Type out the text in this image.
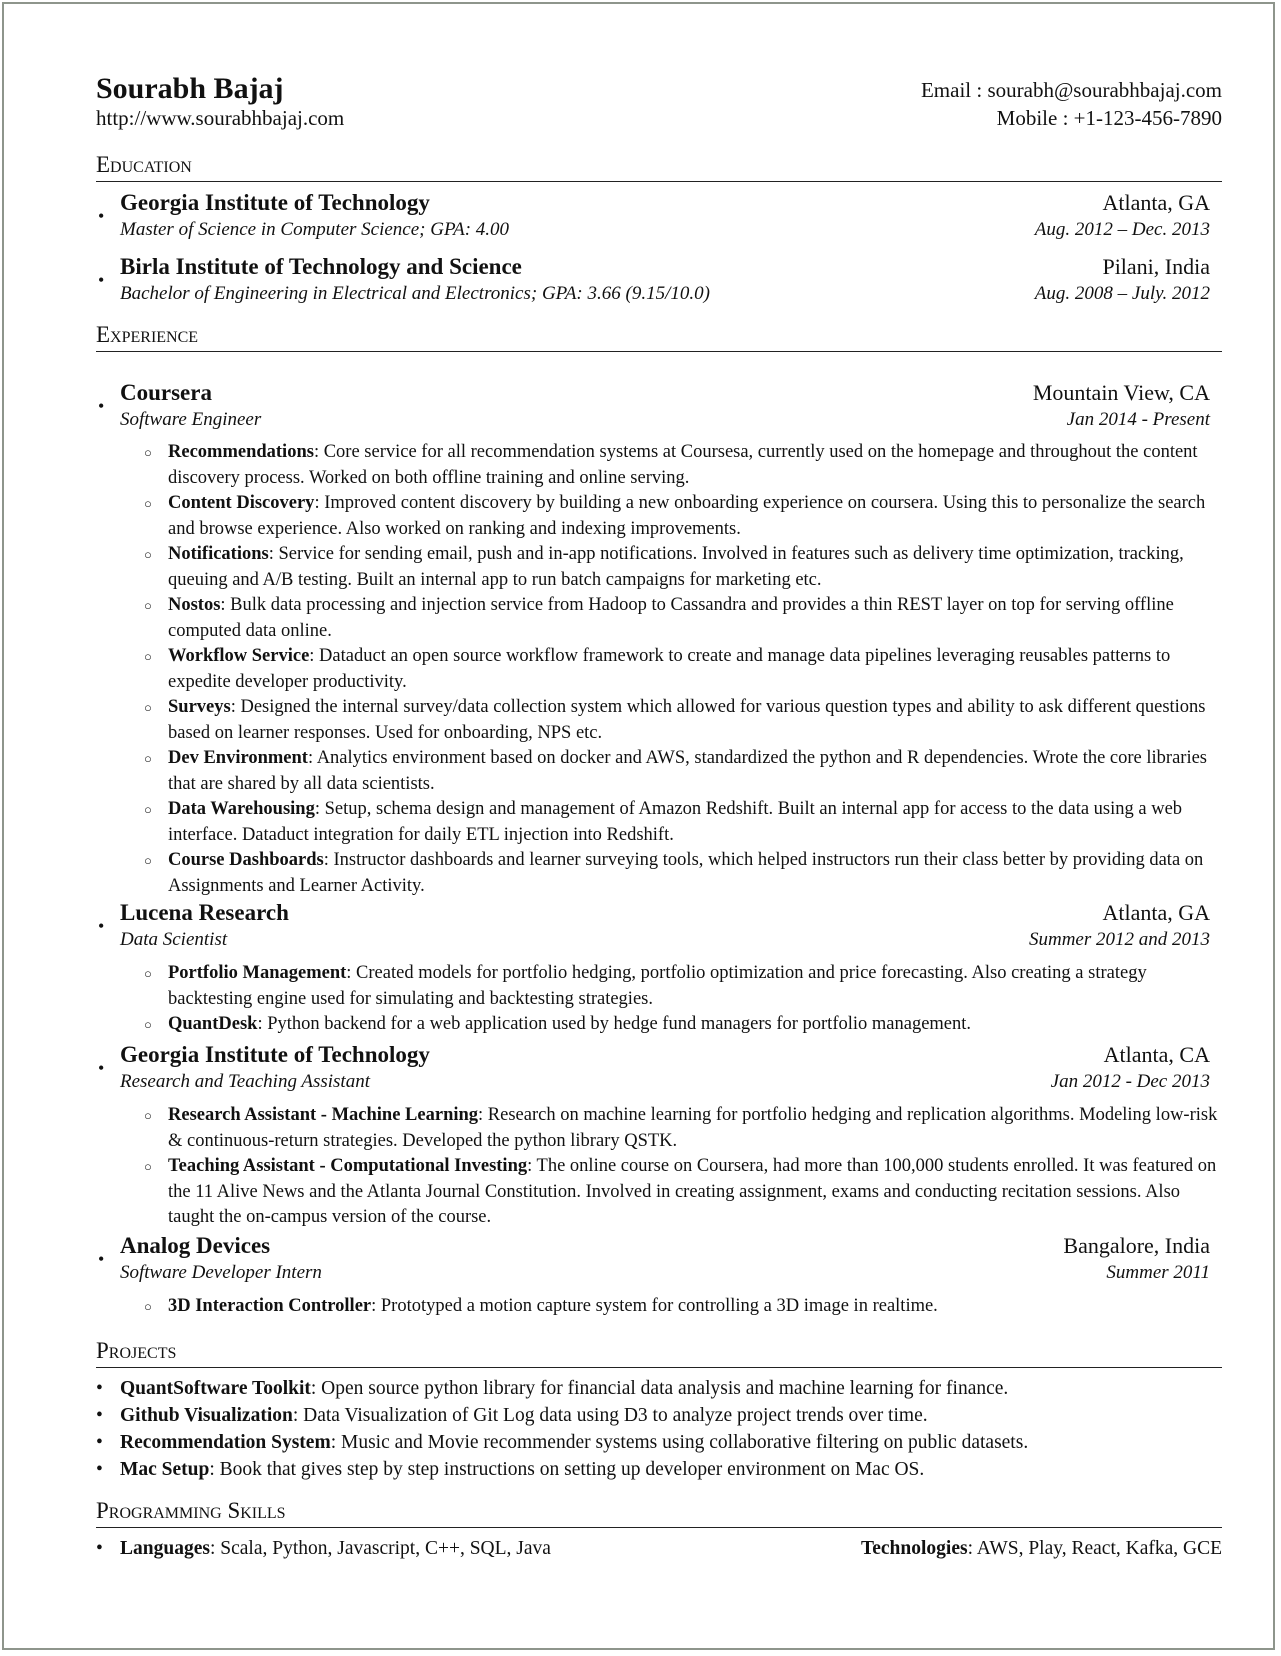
Sourabh Bajaj
http://www.sourabhbajaj.com
Email : sourabh@sourabhbajaj.com
Mobile : +1-123-456-7890
Education
•
Georgia Institute of Technology	Atlanta, GA
Master of Science in Computer Science; GPA: 4.00	Aug. 2012 – Dec. 2013
•
Birla Institute of Technology and Science	Pilani, India
Bachelor of Engineering in Electrical and Electronics; GPA: 3.66 (9.15/10.0)	Aug. 2008 – July. 2012
Experience
•
Coursera	Mountain View, CA
Software Engineer	Jan 2014 - Present

○ Recommendations: Core service for all recommendation systems at Coursesa, currently used on the homepage and throughout the content discovery process. Worked on both offline training and online serving.

○ Content Discovery: Improved content discovery by building a new onboarding experience on coursera. Using this to personalize the search and browse experience. Also worked on ranking and indexing improvements.

○ Notifications: Service for sending email, push and in-app notifications. Involved in features such as delivery time optimization, tracking, queuing and A/B testing. Built an internal app to run batch campaigns for marketing etc.

○ Nostos: Bulk data processing and injection service from Hadoop to Cassandra and provides a thin REST layer on top for serving offline computed data online.

○ Workflow Service: Dataduct an open source workflow framework to create and manage data pipelines leveraging reusables patterns to expedite developer productivity.

○ Surveys: Designed the internal survey/data collection system which allowed for various question types and ability to ask different questions based on learner responses. Used for onboarding, NPS etc.

○ Dev Environment: Analytics environment based on docker and AWS, standardized the python and R dependencies. Wrote the core libraries that are shared by all data scientists.

○ Data Warehousing: Setup, schema design and management of Amazon Redshift. Built an internal app for access to the data using a web interface. Dataduct integration for daily ETL injection into Redshift.

○ Course Dashboards: Instructor dashboards and learner surveying tools, which helped instructors run their class better by providing data on Assignments and Learner Activity.

•
Lucena Research	Atlanta, GA
Data Scientist	Summer 2012 and 2013

○ Portfolio Management: Created models for portfolio hedging, portfolio optimization and price forecasting. Also creating a strategy backtesting engine used for simulating and backtesting strategies.

○ QuantDesk: Python backend for a web application used by hedge fund managers for portfolio management.

•
Georgia Institute of Technology	Atlanta, CA
Research and Teaching Assistant	Jan 2012 - Dec 2013

○ Research Assistant - Machine Learning: Research on machine learning for portfolio hedging and replication algorithms. Modeling low-risk & continuous-return strategies. Developed the python library QSTK.

○ Teaching Assistant - Computational Investing: The online course on Coursera, had more than 100,000 students enrolled. It was featured on the 11 Alive News and the Atlanta Journal Constitution. Involved in creating assignment, exams and conducting recitation sessions. Also taught the on-campus version of the course.

•
Analog Devices	Bangalore, India
Software Developer Intern	Summer 2011

○ 3D Interaction Controller: Prototyped a motion capture system for controlling a 3D image in realtime.

Projects
• QuantSoftware Toolkit: Open source python library for financial data analysis and machine learning for finance.
• Github Visualization: Data Visualization of Git Log data using D3 to analyze project trends over time.
• Recommendation System: Music and Movie recommender systems using collaborative filtering on public datasets.
• Mac Setup: Book that gives step by step instructions on setting up developer environment on Mac OS.
Programming Skills
• Languages: Scala, Python, Javascript, C++, SQL, Java	Technologies: AWS, Play, React, Kafka, GCE
